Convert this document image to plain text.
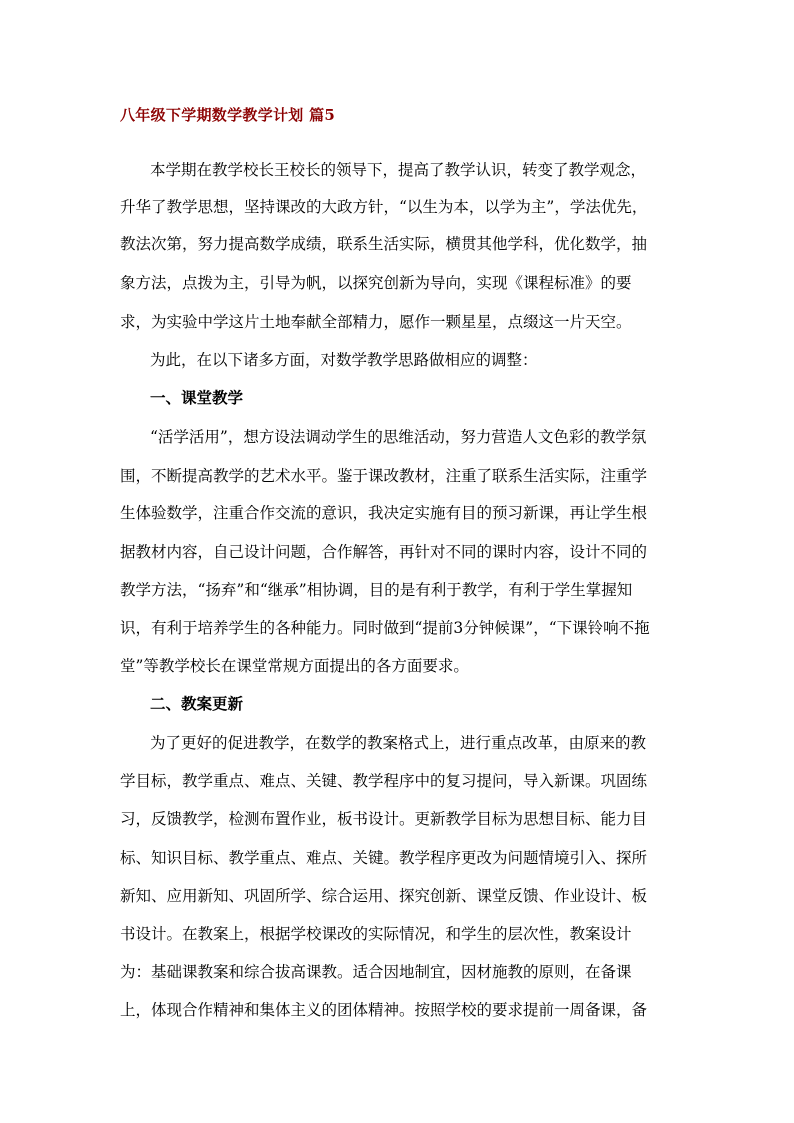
八年级下学期数学教学计划 篇5
本学期在教学校长王校长的领导下，提高了教学认识，转变了教学观念，
升华了教学思想，坚持课改的大政方针，“以生为本，以学为主”，学法优先，
教法次第，努力提高数学成绩，联系生活实际，横贯其他学科，优化数学，抽
象方法，点拨为主，引导为帆，以探究创新为导向，实现《课程标准》的要
求，为实验中学这片土地奉献全部精力，愿作一颗星星，点缀这一片天空。
为此，在以下诸多方面，对数学教学思路做相应的调整：
一、课堂教学
“活学活用”，想方设法调动学生的思维活动，努力营造人文色彩的教学氛
围，不断提高教学的艺术水平。鉴于课改教材，注重了联系生活实际，注重学
生体验数学，注重合作交流的意识，我决定实施有目的预习新课，再让学生根
据教材内容，自己设计问题，合作解答，再针对不同的课时内容，设计不同的
教学方法，“扬弃”和“继承”相协调，目的是有利于教学，有利于学生掌握知
识，有利于培养学生的各种能力。同时做到“提前3分钟候课”，“下课铃响不拖
堂”等教学校长在课堂常规方面提出的各方面要求。
二、教案更新
为了更好的促进教学，在数学的教案格式上，进行重点改革，由原来的教
学目标，教学重点、难点、关键、教学程序中的复习提问，导入新课。巩固练
习，反馈教学，检测布置作业，板书设计。更新教学目标为思想目标、能力目
标、知识目标、教学重点、难点、关键。教学程序更改为问题情境引入、探所
新知、应用新知、巩固所学、综合运用、探究创新、课堂反馈、作业设计、板
书设计。在教案上，根据学校课改的实际情况，和学生的层次性，教案设计
为：基础课教案和综合拔高课教。适合因地制宜，因材施教的原则，在备课
上，体现合作精神和集体主义的团体精神。按照学校的要求提前一周备课，备
